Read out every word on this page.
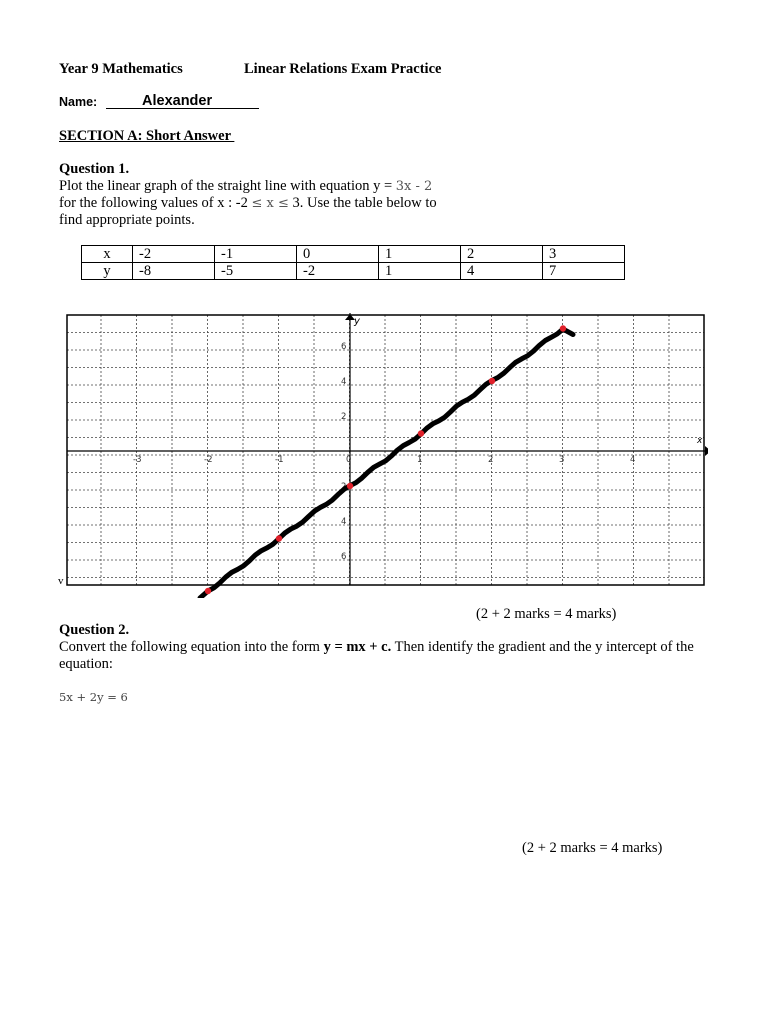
Year 9 Mathematics	Linear Relations Exam Practice
Name:	Alexander
SECTION A: Short Answer
Question 1.
Plot the linear graph of the straight line with equation y = 3x - 2
for the following values of x : -2 ≤ x ≤ 3. Use the table below to
find appropriate points.
x	-2	-1	0	1	2	3
y	-8	-5	-2	1	4	7
x
y
-3	-2	-1	0	1	2	3	4
6
4
2
2
4
6
v
(2 + 2 marks = 4 marks)
Question 2.
Convert the following equation into the form y = mx + c. Then identify the gradient and the y intercept of the equation:
5x + 2y = 6
(2 + 2 marks = 4 marks)
